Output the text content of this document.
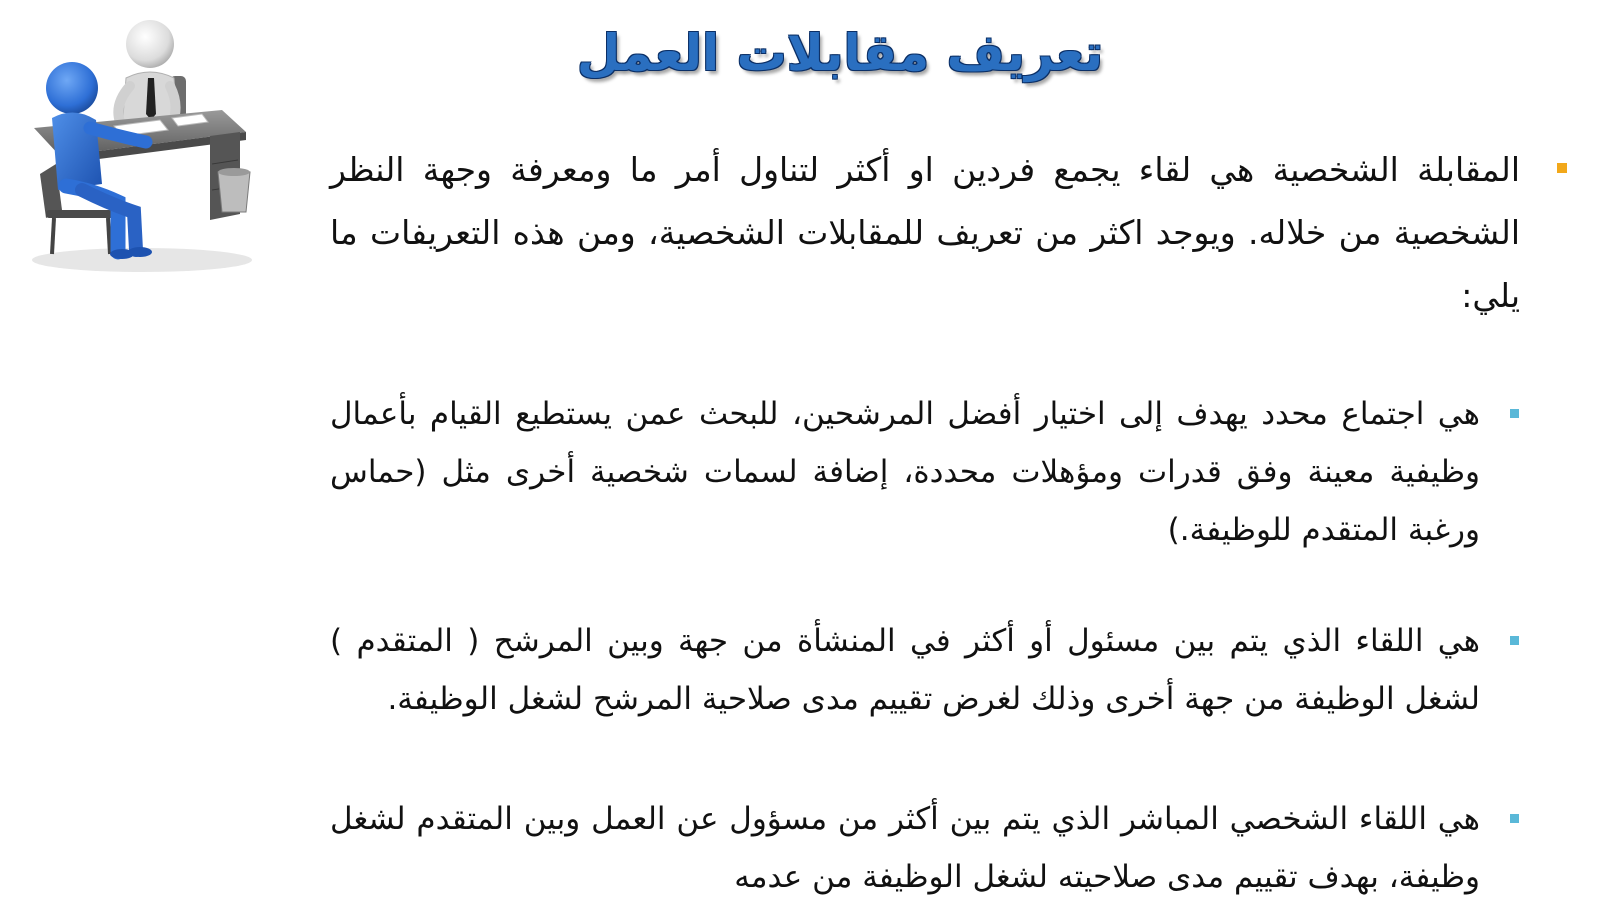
تعريف مقابلات العمل
المقابلة الشخصية هي لقاء يجمع فردين او أكثر لتناول أمر ما ومعرفة وجهة النظر الشخصية من خلاله. ويوجد اكثر من تعريف للمقابلات الشخصية، ومن هذه التعريفات ما يلي:
هي اجتماع محدد يهدف إلى اختيار أفضل المرشحين، للبحث عمن يستطيع القيام بأعمال وظيفية معينة وفق قدرات ومؤهلات محددة، إضافة لسمات شخصية أخرى مثل (حماس ورغبة المتقدم للوظيفة.)
هي اللقاء الذي يتم بين مسئول أو أكثر في المنشأة من جهة وبين المرشح ( المتقدم ) لشغل الوظيفة من جهة أخرى وذلك لغرض تقييم مدى صلاحية المرشح لشغل الوظيفة.
هي اللقاء الشخصي المباشر الذي يتم بين أكثر من مسؤول عن العمل وبين المتقدم لشغل وظيفة، بهدف تقييم مدى صلاحيته لشغل الوظيفة من عدمه
